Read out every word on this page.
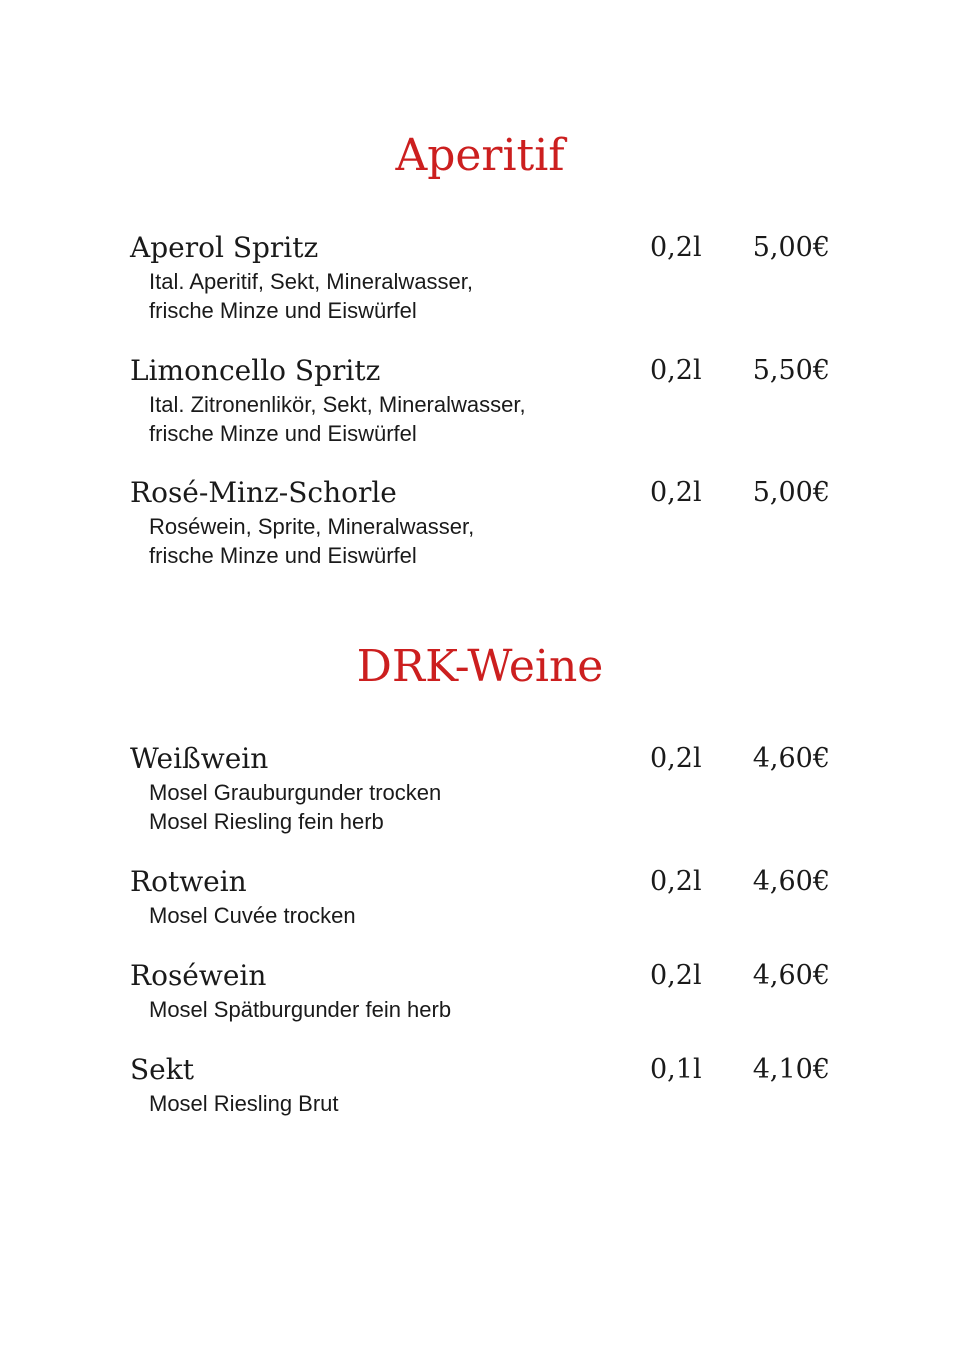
Aperitif
Aperol Spritz	0,2l 5,00€
Ital. Aperitif, Sekt, Mineralwasser,
frische Minze und Eiswürfel
Limoncello Spritz	0,2l 5,50€
Ital. Zitronenlikör, Sekt, Mineralwasser,
frische Minze und Eiswürfel
Rosé-Minz-Schorle	0,2l 5,00€
Roséwein, Sprite, Mineralwasser,
frische Minze und Eiswürfel
DRK-Weine
Weißwein	0,2l 4,60€
Mosel Grauburgunder trocken
Mosel Riesling fein herb
Rotwein	0,2l 4,60€
Mosel Cuvée trocken
Roséwein	0,2l 4,60€
Mosel Spätburgunder fein herb
Sekt	0,1l 4,10€
Mosel Riesling Brut
